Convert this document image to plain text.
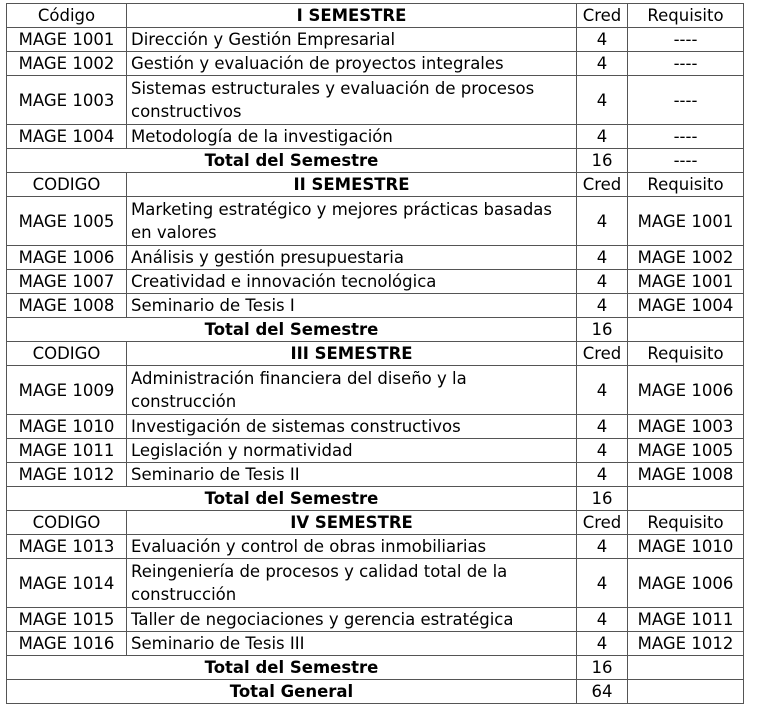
Código	I SEMESTRE	Cred	Requisito
MAGE 1001	Dirección y Gestión Empresarial	4	----
MAGE 1002	Gestión y evaluación de proyectos integrales	4	----
MAGE 1003	Sistemas estructurales y evaluación de procesos constructivos	4	----
MAGE 1004	Metodología de la investigación	4	----
Total del Semestre		16	----
CODIGO	II SEMESTRE	Cred	Requisito
MAGE 1005	Marketing estratégico y mejores prácticas basadas en valores	4	MAGE 1001
MAGE 1006	Análisis y gestión presupuestaria	4	MAGE 1002
MAGE 1007	Creatividad e innovación tecnológica	4	MAGE 1001
MAGE 1008	Seminario de Tesis I	4	MAGE 1004
Total del Semestre		16	
CODIGO	III SEMESTRE	Cred	Requisito
MAGE 1009	Administración financiera del diseño y la construcción	4	MAGE 1006
MAGE 1010	Investigación de sistemas constructivos	4	MAGE 1003
MAGE 1011	Legislación y normatividad	4	MAGE 1005
MAGE 1012	Seminario de Tesis II	4	MAGE 1008
Total del Semestre		16	
CODIGO	IV SEMESTRE	Cred	Requisito
MAGE 1013	Evaluación y control de obras inmobiliarias	4	MAGE 1010
MAGE 1014	Reingeniería de procesos y calidad total de la construcción	4	MAGE 1006
MAGE 1015	Taller de negociaciones y gerencia estratégica	4	MAGE 1011
MAGE 1016	Seminario de Tesis III	4	MAGE 1012
Total del Semestre		16	
Total General		64	
